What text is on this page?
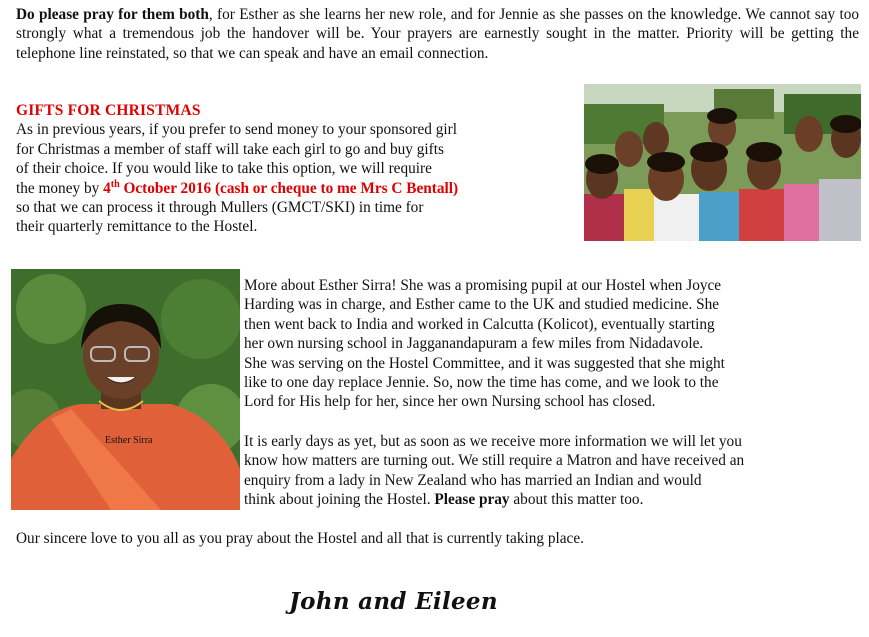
Do please pray for them both, for Esther as she learns her new role, and for Jennie as she passes on the knowledge. We cannot say too strongly what a tremendous job the handover will be. Your prayers are earnestly sought in the matter. Priority will be getting the telephone line reinstated, so that we can speak and have an email connection.

GIFTS FOR CHRISTMAS
As in previous years, if you prefer to send money to your sponsored girl
for Christmas a member of staff will take each girl to go and buy gifts
of their choice. If you would like to take this option, we will require
the money by 4th October 2016 (cash or cheque to me Mrs C Bentall)
so that we can process it through Mullers (GMCT/SKI) in time for
their quarterly remittance to the Hostel.
Esther Sirra
More about Esther Sirra! She was a promising pupil at our Hostel when Joyce
Harding was in charge, and Esther came to the UK and studied medicine. She
then went back to India and worked in Calcutta (Kolicot), eventually starting
her own nursing school in Jagganandapuram a few miles from Nidadavole.
She was serving on the Hostel Committee, and it was suggested that she might
like to one day replace Jennie. So, now the time has come, and we look to the
Lord for His help for her, since her own Nursing school has closed.
It is early days as yet, but as soon as we receive more information we will let you
know how matters are turning out. We still require a Matron and have received an
enquiry from a lady in New Zealand who has married an Indian and would
think about joining the Hostel. Please pray about this matter too.

Our sincere love to you all as you pray about the Hostel and all that is currently taking place.

John and Eileen
